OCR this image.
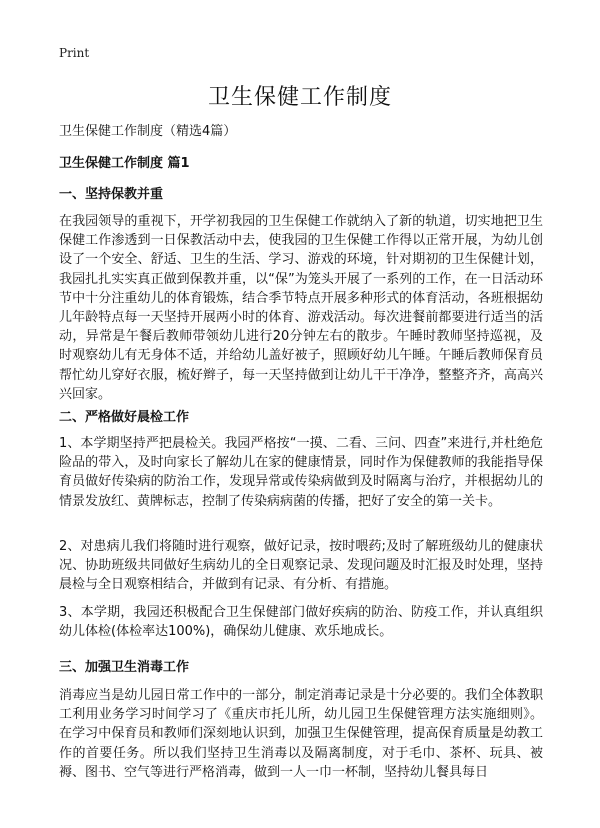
Print
卫生保健工作制度

卫生保健工作制度（精选4篇）

卫生保健工作制度 篇1
一、坚持保教并重

在我园领导的重视下，开学初我园的卫生保健工作就纳入了新的轨道，切实地把卫生保健工作渗透到一日保教活动中去，使我园的卫生保健工作得以正常开展，为幼儿创设了一个安全、舒适、卫生的生活、学习、游戏的环境，针对期初的卫生保健计划，我园扎扎实实真正做到保教并重，以“保”为笼头开展了一系列的工作，在一日活动环节中十分注重幼儿的体育锻炼，结合季节特点开展多种形式的体育活动，各班根据幼儿年龄特点每一天坚持开展两小时的体育、游戏活动。每次进餐前都要进行适当的活动，异常是午餐后教师带领幼儿进行20分钟左右的散步。午睡时教师坚持巡视，及时观察幼儿有无身体不适，并给幼儿盖好被子，照顾好幼儿午睡。午睡后教师保育员帮忙幼儿穿好衣服，梳好辫子，每一天坚持做到让幼儿干干净净，整整齐齐，高高兴兴回家。

二、严格做好晨检工作

1、本学期坚持严把晨检关。我园严格按“一摸、二看、三问、四查”来进行,并杜绝危险品的带入，及时向家长了解幼儿在家的健康情景，同时作为保健教师的我能指导保育员做好传染病的防治工作，发现异常或传染病做到及时隔离与治疗，并根据幼儿的情景发放红、黄牌标志，控制了传染病病菌的传播，把好了安全的第一关卡。

2、对患病儿我们将随时进行观察，做好记录，按时喂药;及时了解班级幼儿的健康状况、协助班级共同做好生病幼儿的全日观察记录、发现问题及时汇报及时处理，坚持晨检与全日观察相结合，并做到有记录、有分析、有措施。

3、本学期，我园还积极配合卫生保健部门做好疾病的防治、防疫工作，并认真组织幼儿体检(体检率达100%)，确保幼儿健康、欢乐地成长。

三、加强卫生消毒工作

消毒应当是幼儿园日常工作中的一部分，制定消毒记录是十分必要的。我们全体教职工利用业务学习时间学习了《重庆市托儿所，幼儿园卫生保健管理方法实施细则》。在学习中保育员和教师们深刻地认识到，加强卫生保健管理，提高保育质量是幼教工作的首要任务。所以我们坚持卫生消毒以及隔离制度，对于毛巾、茶杯、玩具、被褥、图书、空气等进行严格消毒，做到一人一巾一杯制，坚持幼儿餐具每日
